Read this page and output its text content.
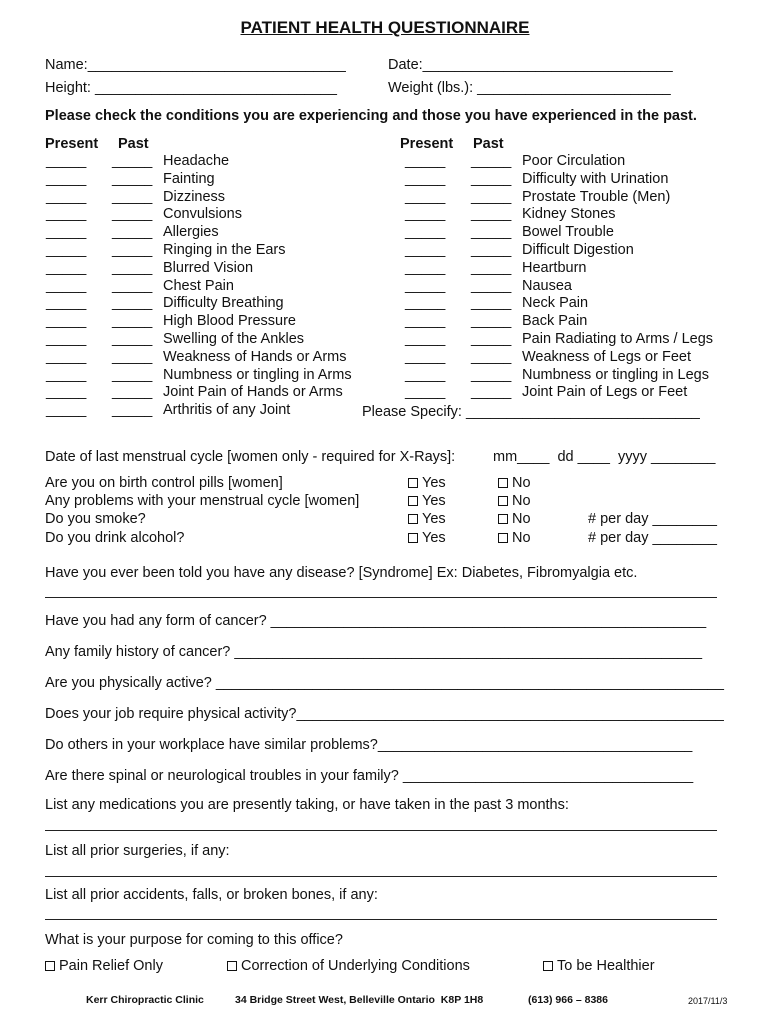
PATIENT HEALTH QUESTIONNAIRE
Name:________________________________	Date:_______________________________
Height: ______________________________	Weight (lbs.): ________________________
Please check the conditions you are experiencing and those you have experienced in the past.
Present Past	Present Past
_____ _____ Headache
_____ _____ Fainting
_____ _____ Dizziness
_____ _____ Convulsions
_____ _____ Allergies
_____ _____ Ringing in the Ears
_____ _____ Blurred Vision
_____ _____ Chest Pain
_____ _____ Difficulty Breathing
_____ _____ High Blood Pressure
_____ _____ Swelling of the Ankles
_____ _____ Weakness of Hands or Arms
_____ _____ Numbness or tingling in Arms
_____ _____ Joint Pain of Hands or Arms
_____ _____ Arthritis of any Joint
_____ _____ Poor Circulation
_____ _____ Difficulty with Urination
_____ _____ Prostate Trouble (Men)
_____ _____ Kidney Stones
_____ _____ Bowel Trouble
_____ _____ Difficult Digestion
_____ _____ Heartburn
_____ _____ Nausea
_____ _____ Neck Pain
_____ _____ Back Pain
_____ _____ Pain Radiating to Arms / Legs
_____ _____ Weakness of Legs or Feet
_____ _____ Numbness or tingling in Legs
_____ _____ Joint Pain of Legs or Feet
Please Specify: _____________________________
Date of last menstrual cycle [women only - required for X-Rays]:	mm____  dd ____  yyyy ________
Are you on birth control pills [women]	Yes	No
Any problems with your menstrual cycle [women]	Yes	No
Do you smoke?	Yes	No	# per day ________
Do you drink alcohol?	Yes	No	# per day ________
Have you ever been told you have any disease? [Syndrome] Ex: Diabetes, Fibromyalgia etc.
Have you had any form of cancer? ______________________________________________________
Any family history of cancer? __________________________________________________________
Are you physically active? _______________________________________________________________
Does your job require physical activity?_____________________________________________________
Do others in your workplace have similar problems?_______________________________________
Are there spinal or neurological troubles in your family? ____________________________________
List any medications you are presently taking, or have taken in the past 3 months:
List all prior surgeries, if any:
List all prior accidents, falls, or broken bones, if any:
What is your purpose for coming to this office?
Pain Relief Only	Correction of Underlying Conditions	To be Healthier
Kerr Chiropractic Clinic	34 Bridge Street West, Belleville Ontario  K8P 1H8	(613) 966 – 8386	2017/11/3
